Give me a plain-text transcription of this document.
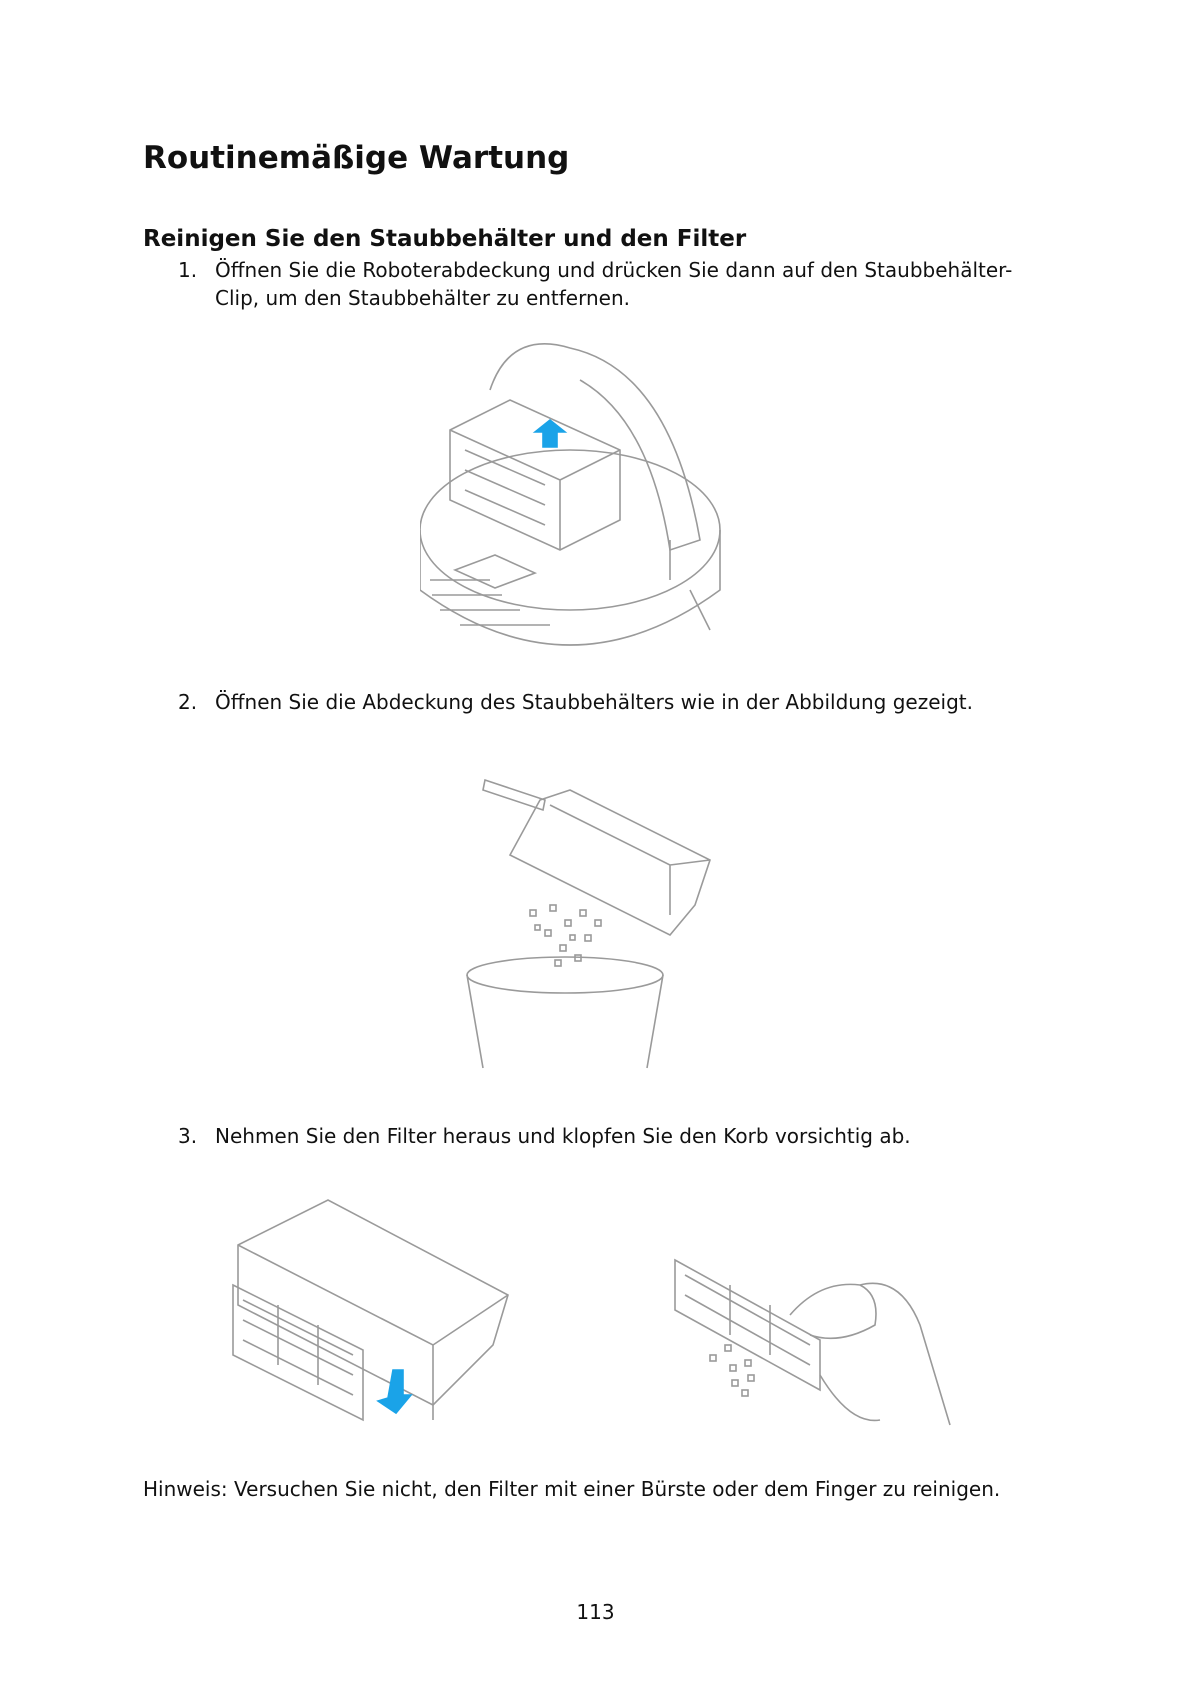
Routinemäßige Wartung
Reinigen Sie den Staubbehälter und den Filter
1. Öffnen Sie die Roboterabdeckung und drücken Sie dann auf den Staubbehälter-Clip, um den Staubbehälter zu entfernen.
2. Öffnen Sie die Abdeckung des Staubbehälters wie in der Abbildung gezeigt.
3. Nehmen Sie den Filter heraus und klopfen Sie den Korb vorsichtig ab.
Hinweis: Versuchen Sie nicht, den Filter mit einer Bürste oder dem Finger zu reinigen.
113
